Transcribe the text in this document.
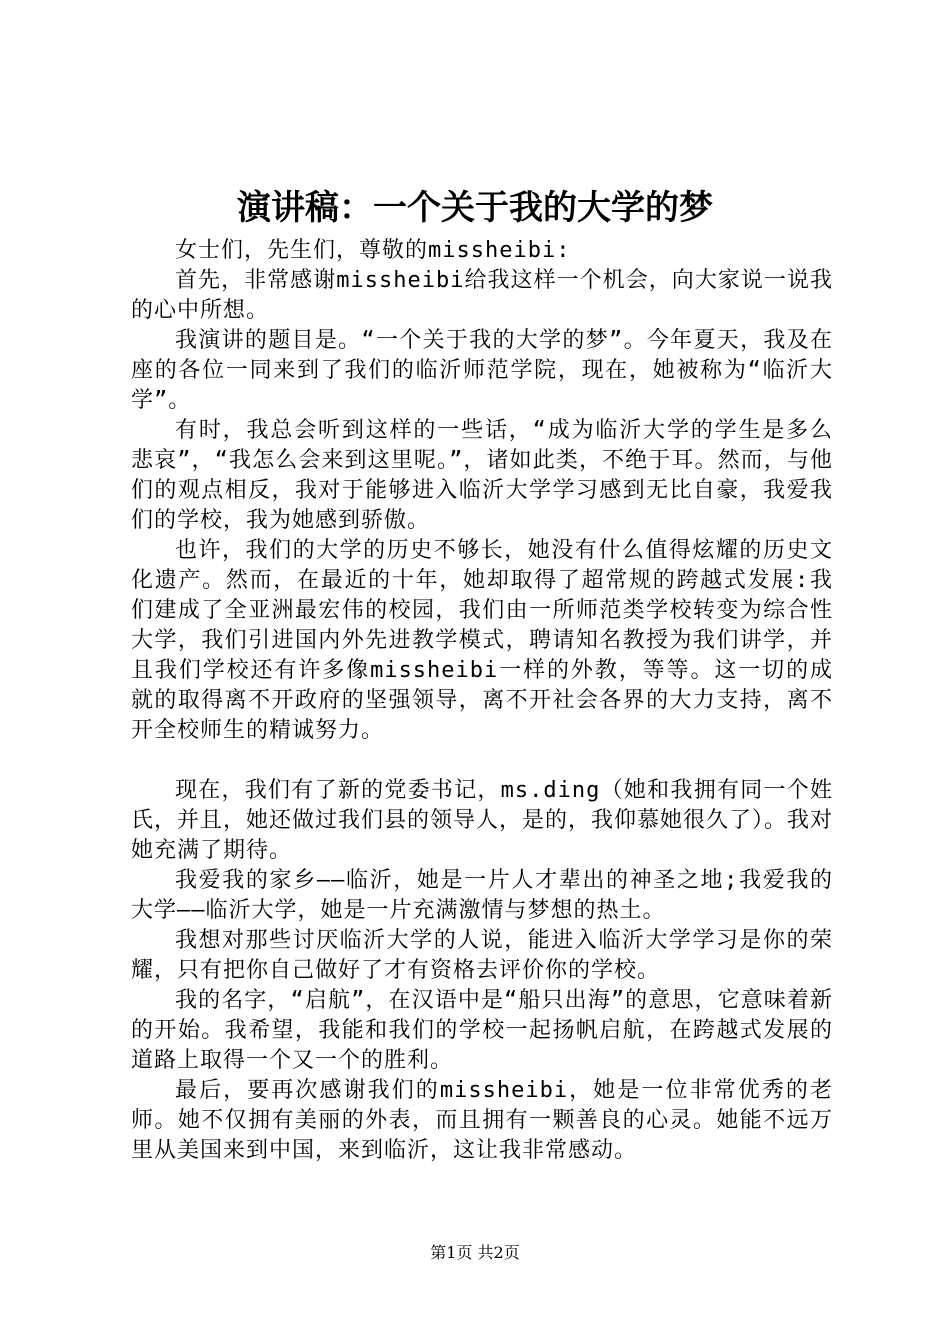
演讲稿：一个关于我的大学的梦

女士们，先生们，尊敬的missheibi:

首先，非常感谢missheibi给我这样一个机会，向大家说一说我的心中所想。

我演讲的题目是。“一个关于我的大学的梦”。今年夏天，我及在座的各位一同来到了我们的临沂师范学院，现在，她被称为“临沂大学”。

有时，我总会听到这样的一些话，“成为临沂大学的学生是多么悲哀”，“我怎么会来到这里呢。”，诸如此类，不绝于耳。然而，与他们的观点相反，我对于能够进入临沂大学学习感到无比自豪，我爱我们的学校，我为她感到骄傲。

也许，我们的大学的历史不够长，她没有什么值得炫耀的历史文化遗产。然而，在最近的十年，她却取得了超常规的跨越式发展:我们建成了全亚洲最宏伟的校园，我们由一所师范类学校转变为综合性大学，我们引进国内外先进教学模式，聘请知名教授为我们讲学，并且我们学校还有许多像missheibi一样的外教，等等。这一切的成就的取得离不开政府的坚强领导，离不开社会各界的大力支持，离不开全校师生的精诚努力。

现在，我们有了新的党委书记，ms.ding（她和我拥有同一个姓氏，并且，她还做过我们县的领导人，是的，我仰慕她很久了）。我对她充满了期待。

我爱我的家乡——临沂，她是一片人才辈出的神圣之地;我爱我的大学——临沂大学，她是一片充满激情与梦想的热土。

我想对那些讨厌临沂大学的人说，能进入临沂大学学习是你的荣耀，只有把你自己做好了才有资格去评价你的学校。

我的名字，“启航”，在汉语中是“船只出海”的意思，它意味着新的开始。我希望，我能和我们的学校一起扬帆启航，在跨越式发展的道路上取得一个又一个的胜利。

最后，要再次感谢我们的missheibi，她是一位非常优秀的老师。她不仅拥有美丽的外表，而且拥有一颗善良的心灵。她能不远万里从美国来到中国，来到临沂，这让我非常感动。

第1页 共2页
